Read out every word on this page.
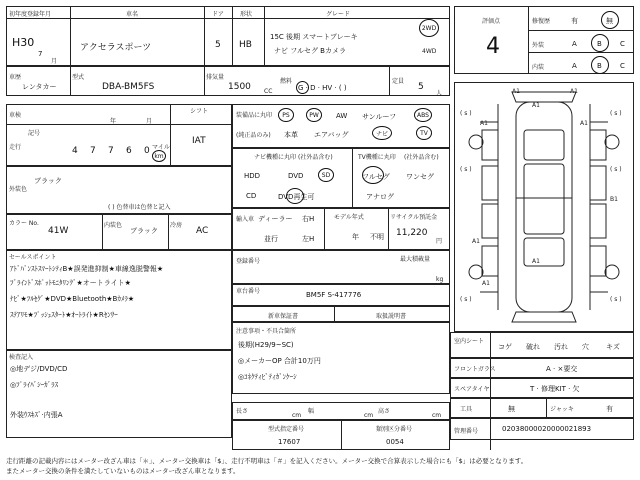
初年度登録年月
H30
7
月
車名
アクセラスポーツ
ドア
5
形状
HB
グレード
15C 後期 スマートブレーキ
ナビ フルセグ Bカメラ
2WD
4WD
車歴
レンタカー
型式
DBA-BM5FS
排気量
1500 CC
燃料
G · D · HV · ( )
定員
5
人
車検
年	月
記号
走行	4 7 7 6 0 マイル
km
シフト
IAT
外装色
ブラック
( ) 色替車は色替と記入
カラー No.
41W
内装色
ブラック
冷房
AC
セールスポイント
ｱﾄﾞﾊﾞﾝｽﾄｽﾏｰﾄｼﾃｨB★誤発進抑制★車線逸脱警報★
ﾌﾞﾗｲﾝﾄﾞｽﾎﾟｯﾄﾓﾆﾀﾘﾝｸﾞ★オートライト★
ﾅﾋﾞ★ﾌﾙｾｸﾞ★DVD★Bluetooth★Bｶﾒﾗ★
ｽﾃｱﾘﾓ★ﾌﾟｯｼｭｽﾀｰﾄ★ｵｰﾄﾗｲﾄ★Rｾﾝｻｰ
検査記入
◎地デジ/DVD/CD
◎ﾌﾟﾗｲﾊﾞｼｰｶﾞﾗｽ
外装ｳｽｷｽﾞ·内張A
装備品に丸印
(純正品のみ)
PS	PW	AW サンルーフ	ABS
本革 エアバッグ	ナビ	TV
ナビ機種に丸印 (社外品含む)
HDD	DVD	SD
CD	DVD再生可
TV機種に丸印 (社外品含む)
フルセグ ワンセグ
アナログ
輸入車 ディーラー
並行
右H
左H
モデル年式
年 不明
リサイクル預託金
11,220
円
登録番号	最大積載量
kg
車台番号	BM5F S-417776
新車保証書	取扱説明書
注意事項・不具合箇所
後期(H29/9~SC)
◎メーカーOP 合計10万円
◎ｺﾈｸﾃｨﾋﾞﾃｨｶﾞﾝｹｰｼ
長さ
cm
幅
cm
高さ
cm
型式指定番号
17607
類別区分番号
0054
評価点
4
修復歴	有	無
外装	A	B	C
内装	A	B	C
A1	A1
A1
A1	A1
A1
A1
B1
A1
( s )	( s )
( s )	( s )
( s )	( s )
室内シート
コゲ 破れ 汚れ 穴 キズ
フロントガラス	A · ×要交
スペアタイヤ	T · 修理KIT · 欠
工具	無	ジャッキ	有
管理番号	02038000020000021893
走行距離の記載内容にはメーター改ざん車は「＊」、メーター交換車は「$」、走行不明車は「＃」を記入ください。メーター交換で合算表示した場合にも「$」は必要となります。
またメーター交換の条件を満たしていないものはメーター改ざん車となります。
